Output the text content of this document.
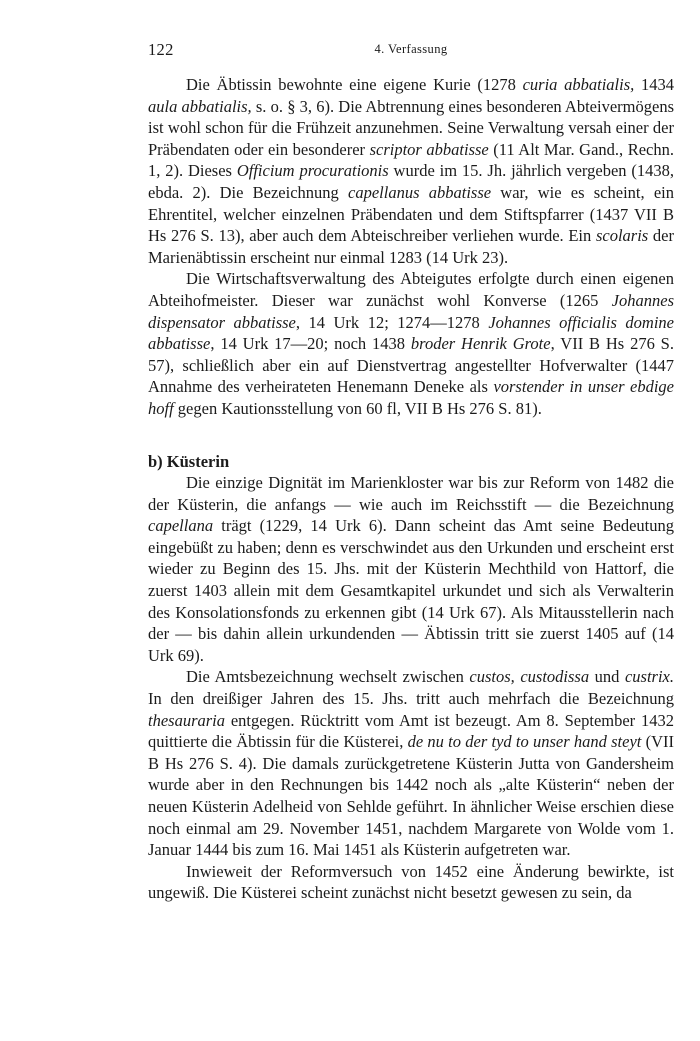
122	4. Verfassung

Die Äbtissin bewohnte eine eigene Kurie (1278 curia abbatialis, 1434 aula abbatialis, s. o. § 3, 6). Die Abtrennung eines besonderen Abteivermögens ist wohl schon für die Frühzeit anzunehmen. Seine Verwaltung versah einer der Präbendaten oder ein besonderer scriptor abbatisse (11 Alt Mar. Gand., Rechn. 1, 2). Dieses Officium procurationis wurde im 15. Jh. jährlich vergeben (1438, ebda. 2). Die Bezeichnung capellanus abbatisse war, wie es scheint, ein Ehrentitel, welcher einzelnen Präbendaten und dem Stiftspfarrer (1437 VII B Hs 276 S. 13), aber auch dem Abteischreiber verliehen wurde. Ein scolaris der Marienäbtissin erscheint nur einmal 1283 (14 Urk 23).

Die Wirtschaftsverwaltung des Abteigutes erfolgte durch einen eigenen Abteihofmeister. Dieser war zunächst wohl Konverse (1265 Johannes dispensator abbatisse, 14 Urk 12; 1274—1278 Johannes officialis domine abbatisse, 14 Urk 17—20; noch 1438 broder Henrik Grote, VII B Hs 276 S. 57), schließlich aber ein auf Dienstvertrag angestellter Hofverwalter (1447 Annahme des verheirateten Henemann Deneke als vorstender in unser ebdige hoff gegen Kautionsstellung von 60 fl, VII B Hs 276 S. 81).

b) Küsterin

Die einzige Dignität im Marienkloster war bis zur Reform von 1482 die der Küsterin, die anfangs — wie auch im Reichsstift — die Bezeichnung capellana trägt (1229, 14 Urk 6). Dann scheint das Amt seine Bedeutung eingebüßt zu haben; denn es verschwindet aus den Urkunden und erscheint erst wieder zu Beginn des 15. Jhs. mit der Küsterin Mechthild von Hattorf, die zuerst 1403 allein mit dem Gesamtkapitel urkundet und sich als Verwalterin des Konsolationsfonds zu erkennen gibt (14 Urk 67). Als Mitausstellerin nach der — bis dahin allein urkundenden — Äbtissin tritt sie zuerst 1405 auf (14 Urk 69).

Die Amtsbezeichnung wechselt zwischen custos, custodissa und custrix. In den dreißiger Jahren des 15. Jhs. tritt auch mehrfach die Bezeichnung thesauraria entgegen. Rücktritt vom Amt ist bezeugt. Am 8. September 1432 quittierte die Äbtissin für die Küsterei, de nu to der tyd to unser hand steyt (VII B Hs 276 S. 4). Die damals zurückgetretene Küsterin Jutta von Gandersheim wurde aber in den Rechnungen bis 1442 noch als „alte Küsterin“ neben der neuen Küsterin Adelheid von Sehlde geführt. In ähnlicher Weise erschien diese noch einmal am 29. November 1451, nachdem Margarete von Wolde vom 1. Januar 1444 bis zum 16. Mai 1451 als Küsterin aufgetreten war.

Inwieweit der Reformversuch von 1452 eine Änderung bewirkte, ist ungewiß. Die Küsterei scheint zunächst nicht besetzt gewesen zu sein, da
